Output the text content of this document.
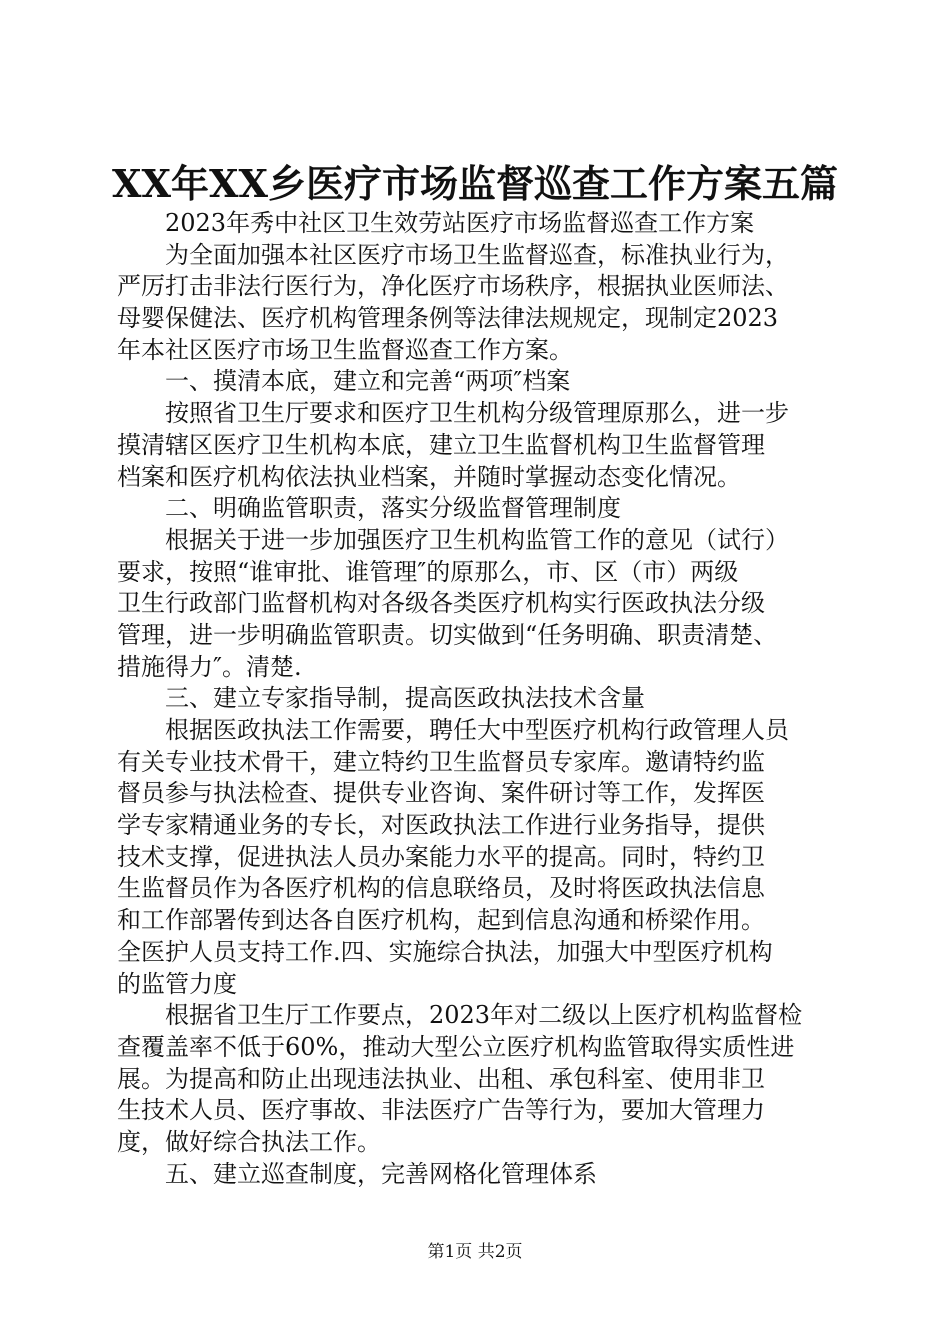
XX年XX乡医疗市场监督巡查工作方案五篇
2023年秀中社区卫生效劳站医疗市场监督巡查工作方案
为全面加强本社区医疗市场卫生监督巡查，标准执业行为，
严厉打击非法行医行为，净化医疗市场秩序，根据执业医师法、
母婴保健法、医疗机构管理条例等法律法规规定，现制定2023
年本社区医疗市场卫生监督巡查工作方案。
一、摸清本底，建立和完善“两项″档案
按照省卫生厅要求和医疗卫生机构分级管理原那么，进一步
摸清辖区医疗卫生机构本底，建立卫生监督机构卫生监督管理
档案和医疗机构依法执业档案，并随时掌握动态变化情况。
二、明确监管职责，落实分级监督管理制度
根据关于进一步加强医疗卫生机构监管工作的意见（试行）
要求，按照“谁审批、谁管理″的原那么，市、区（市）两级
卫生行政部门监督机构对各级各类医疗机构实行医政执法分级
管理，进一步明确监管职责。切实做到“任务明确、职责清楚、
措施得力″。清楚.
三、建立专家指导制，提高医政执法技术含量
根据医政执法工作需要，聘任大中型医疗机构行政管理人员
有关专业技术骨干，建立特约卫生监督员专家库。邀请特约监
督员参与执法检查、提供专业咨询、案件研讨等工作，发挥医
学专家精通业务的专长，对医政执法工作进行业务指导，提供
技术支撑，促进执法人员办案能力水平的提高。同时，特约卫
生监督员作为各医疗机构的信息联络员，及时将医政执法信息
和工作部署传到达各自医疗机构，起到信息沟通和桥梁作用。
全医护人员支持工作.四、实施综合执法，加强大中型医疗机构
的监管力度
根据省卫生厅工作要点，2023年对二级以上医疗机构监督检
查覆盖率不低于60%，推动大型公立医疗机构监管取得实质性进
展。为提高和防止出现违法执业、出租、承包科室、使用非卫
生技术人员、医疗事故、非法医疗广告等行为，要加大管理力
度，做好综合执法工作。
五、建立巡查制度，完善网格化管理体系
第1页 共2页
